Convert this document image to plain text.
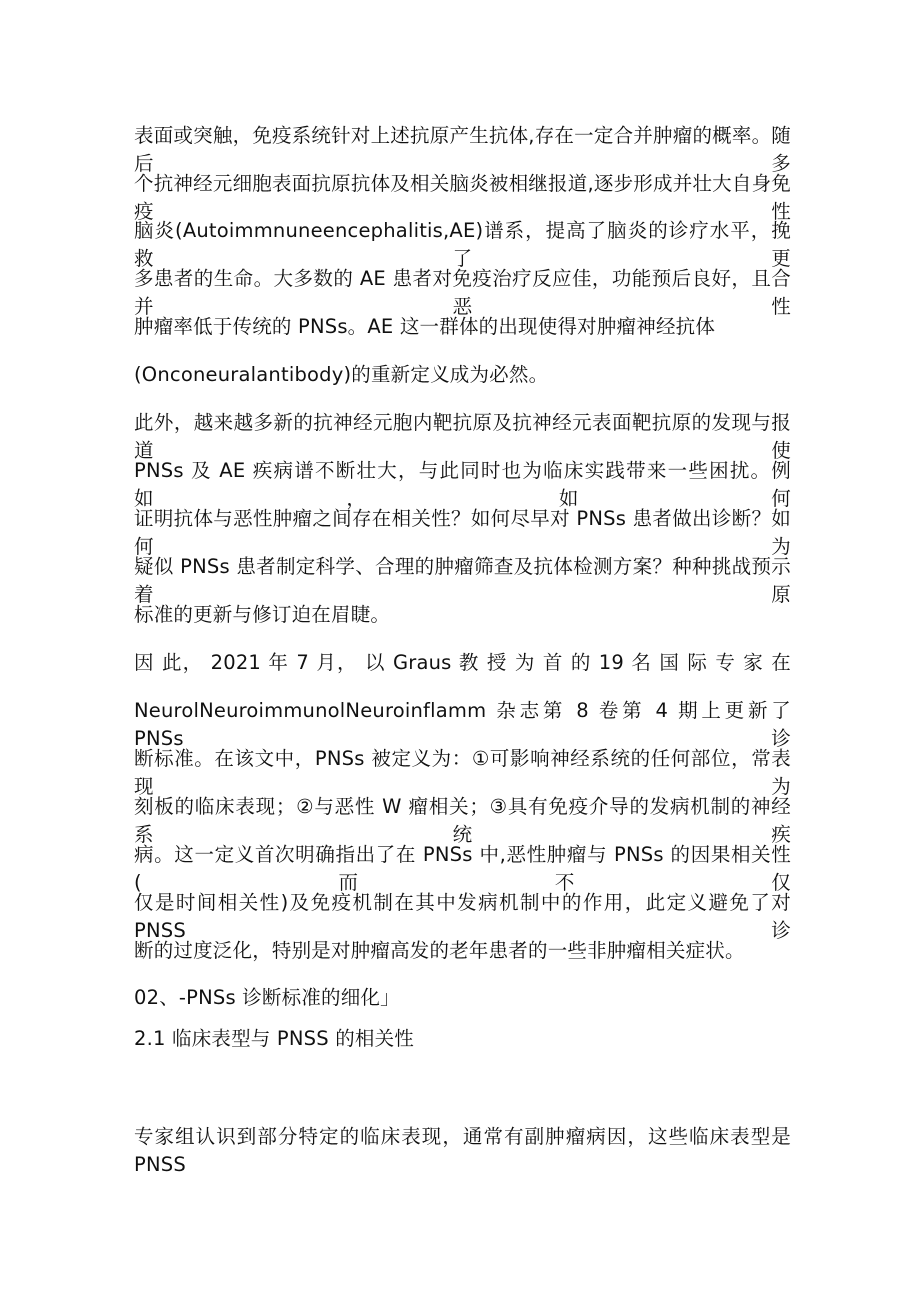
表面或突触，免疫系统针对上述抗原产生抗体,存在一定合并肿瘤的概率。随后多
个抗神经元细胞表面抗原抗体及相关脑炎被相继报道,逐步形成并壮大自身免疫性
脑炎(Autoimmnuneencephalitis,AE)谱系，提高了脑炎的诊疗水平，挽救了更
多患者的生命。大多数的 AE 患者对免疫治疗反应佳，功能预后良好，且合并恶性
肿瘤率低于传统的 PNSs。AE 这一群体的出现使得对肿瘤神经抗体
(Onconeuralantibody)的重新定义成为必然。
此外，越来越多新的抗神经元胞内靶抗原及抗神经元表面靶抗原的发现与报道使
PNSs 及 AE 疾病谱不断壮大，与此同时也为临床实践带来一些困扰。例如，如何
证明抗体与恶性肿瘤之间存在相关性？如何尽早对 PNSs 患者做出诊断？如何为
疑似 PNSs 患者制定科学、合理的肿瘤筛查及抗体检测方案？种种挑战预示着原
标准的更新与修订迫在眉睫。
因 此， 2021 年 7 月， 以 Graus 教 授 为 首 的 19 名 国 际 专 家 在
NeurolNeuroimmunolNeuroinflamm 杂志第 8 卷第 4 期上更新了 PNSs 诊
断标准。在该文中，PNSs 被定义为：①可影响神经系统的任何部位，常表现为
刻板的临床表现；②与恶性 W 瘤相关；③具有免疫介导的发病机制的神经系统疾
病。这一定义首次明确指出了在 PNSs 中,恶性肿瘤与 PNSs 的因果相关性(而不仅
仅是时间相关性)及免疫机制在其中发病机制中的作用，此定义避免了对 PNSS 诊
断的过度泛化，特别是对肿瘤高发的老年患者的一些非肿瘤相关症状。
02、-PNSs 诊断标准的细化」
2.1 临床表型与 PNSS 的相关性
专家组认识到部分特定的临床表现，通常有副肿瘤病因，这些临床表型是 PNSS
